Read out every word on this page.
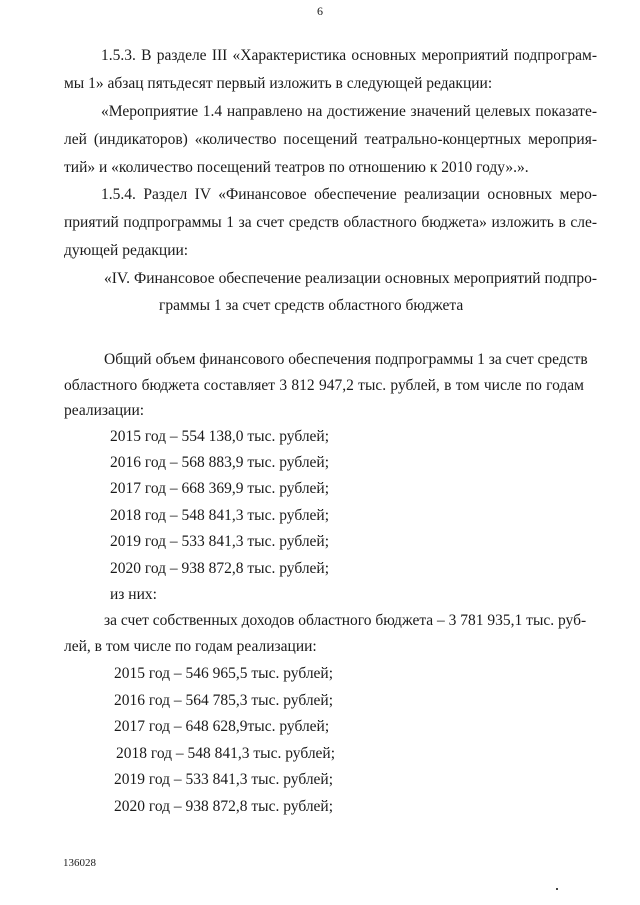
6
1.5.3. В разделе III «Характеристика основных мероприятий подпрограм-
мы 1» абзац пятьдесят первый изложить в следующей редакции:
«Мероприятие 1.4 направлено на достижение значений целевых показате-
лей (индикаторов) «количество посещений театрально-концертных мероприя-
тий» и «количество посещений театров по отношению к 2010 году».».
1.5.4. Раздел IV «Финансовое обеспечение реализации основных меро-
приятий подпрограммы 1 за счет средств областного бюджета» изложить в сле-
дующей редакции:
«IV. Финансовое обеспечение реализации основных мероприятий подпро-
граммы 1 за счет средств областного бюджета
Общий объем финансового обеспечения подпрограммы 1 за счет средств
областного бюджета составляет 3 812 947,2 тыс. рублей, в том числе по годам
реализации:
2015 год – 554 138,0 тыс. рублей;
2016 год – 568 883,9 тыс. рублей;
2017 год – 668 369,9 тыс. рублей;
2018 год – 548 841,3 тыс. рублей;
2019 год – 533 841,3 тыс. рублей;
2020 год – 938 872,8 тыс. рублей;
из них:
за счет собственных доходов областного бюджета – 3 781 935,1 тыс. руб-
лей, в том числе по годам реализации:
2015 год – 546 965,5 тыс. рублей;
2016 год – 564 785,3 тыс. рублей;
2017 год – 648 628,9тыс. рублей;
2018 год – 548 841,3 тыс. рублей;
2019 год – 533 841,3 тыс. рублей;
2020 год – 938 872,8 тыс. рублей;
136028
